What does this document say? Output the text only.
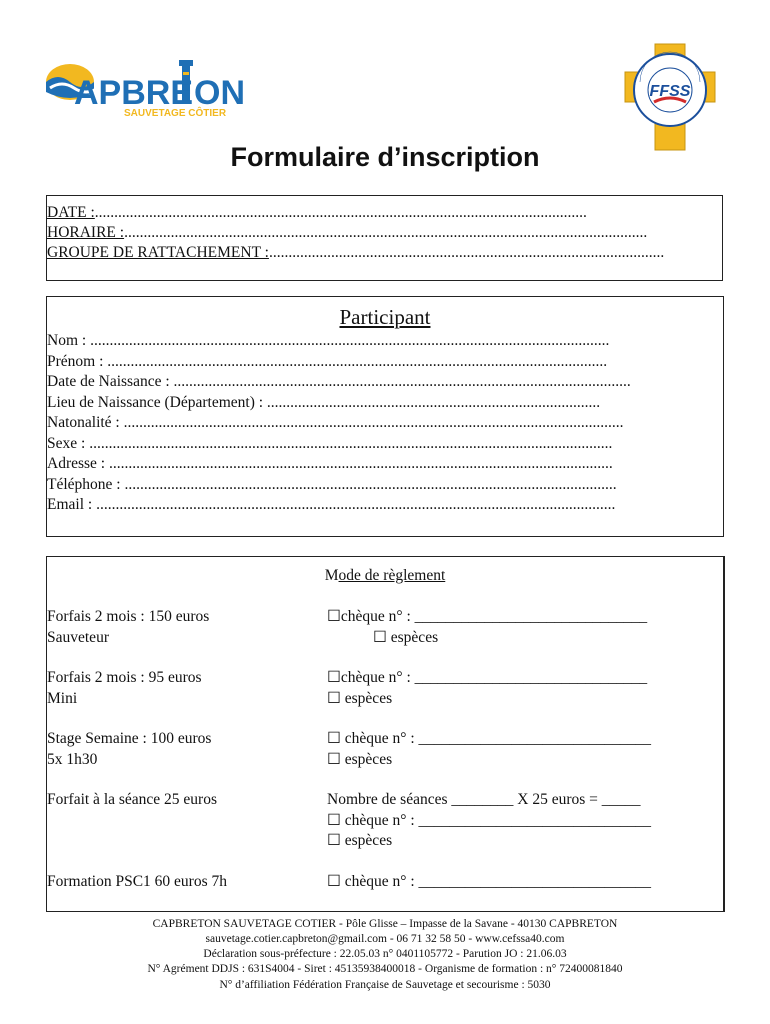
APBRE ON
SAUVETAGE CÔTIER
FFSS
Formulaire d’inscription
DATE :...............................................................................................................................
HORAIRE :.......................................................................................................................................
GROUPE DE RATTACHEMENT :......................................................................................................
Participant
Nom : ......................................................................................................................................
Prénom : .................................................................................................................................
Date de Naissance : ......................................................................................................................
Lieu de Naissance (Département) : ......................................................................................
Natonalité : .................................................................................................................................
Sexe : .......................................................................................................................................
Adresse : ..................................................................................................................................
Téléphone : ...............................................................................................................................
Email : ......................................................................................................................................
Mode de règlement
Forfais 2 mois : 150 euros
Sauveteur
☐chèque n° : ______________________________
☐ espèces
Forfais 2 mois : 95 euros
Mini
☐chèque n° : ______________________________
☐ espèces
Stage Semaine : 100 euros
5x 1h30
☐ chèque n° : ______________________________
☐ espèces
Forfait à la séance 25 euros	Nombre de séances ________ X 25 euros = _____
☐ chèque n° : ______________________________
☐ espèces
Formation PSC1 60 euros 7h	☐ chèque n° : ______________________________
CAPBRETON SAUVETAGE COTIER - Pôle Glisse – Impasse de la Savane - 40130 CAPBRETON
sauvetage.cotier.capbreton@gmail.com - 06 71 32 58 50 - www.cefssa40.com
Déclaration sous-préfecture : 22.05.03 n° 0401105772 - Parution JO : 21.06.03
N° Agrément DDJS : 631S4004 - Siret : 45135938400018 - Organisme de formation : n° 72400081840
N° d’affiliation Fédération Française de Sauvetage et secourisme : 5030
